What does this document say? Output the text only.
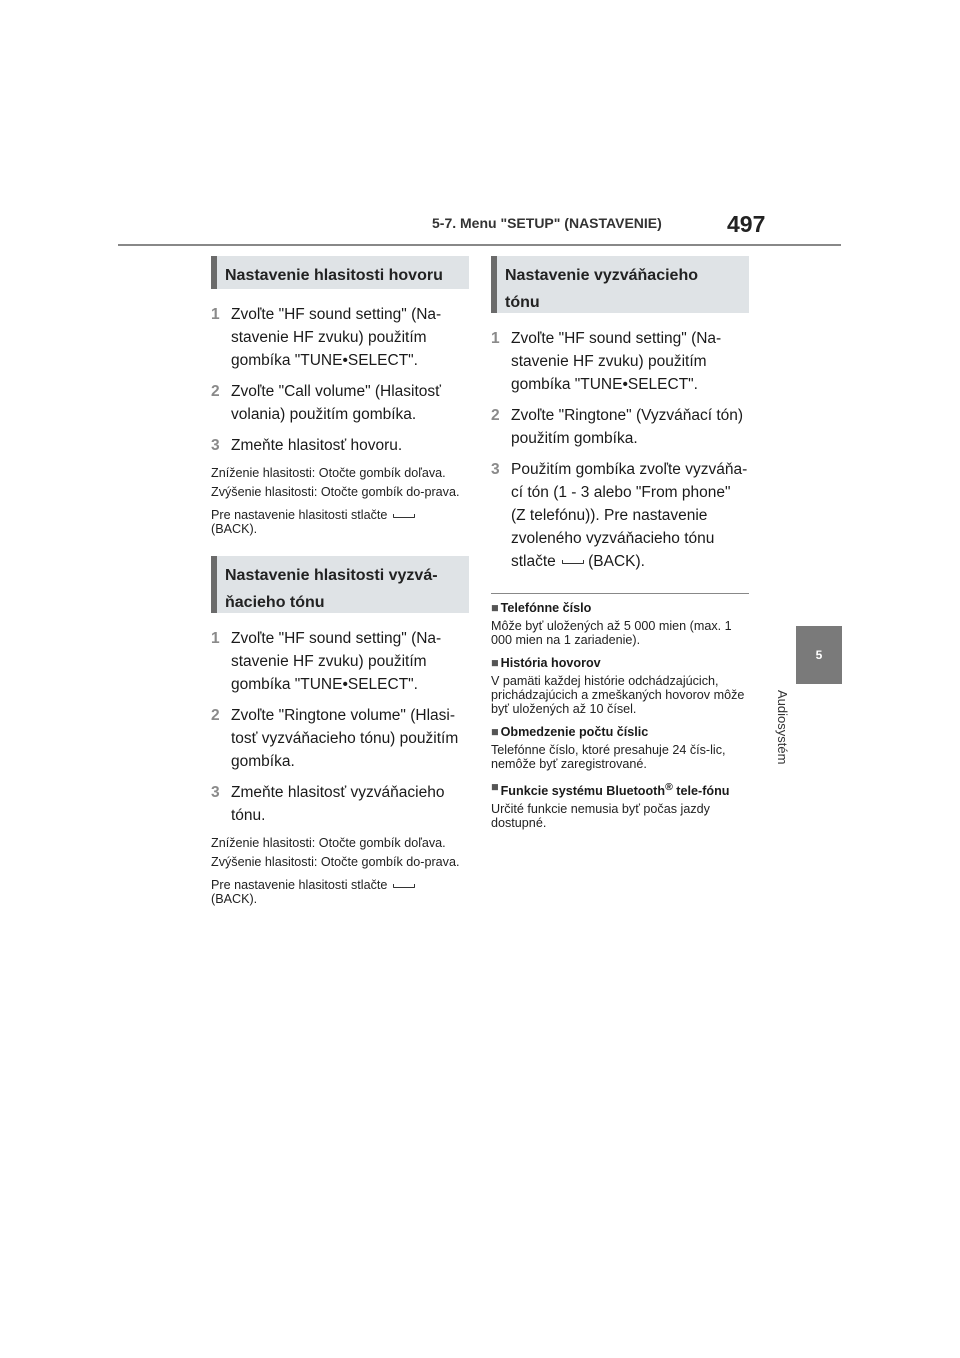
5-7. Menu "SETUP" (NASTAVENIE)	497
5
Audiosystém
Nastavenie hlasitosti hovoru
1 Zvoľte "HF sound setting" (Na-stavenie HF zvuku) použitím gombíka "TUNE•SELECT".
2 Zvoľte "Call volume" (Hlasitosť volania) použitím gombíka.
3 Zmeňte hlasitosť hovoru.
Zníženie hlasitosti: Otočte gombík doľava.
Zvýšenie hlasitosti: Otočte gombík do-prava.
Pre nastavenie hlasitosti stlačte
(BACK).
Nastavenie hlasitosti vyzvá-
ňacieho tónu
1 Zvoľte "HF sound setting" (Na-stavenie HF zvuku) použitím gombíka "TUNE•SELECT".
2 Zvoľte "Ringtone volume" (Hlasi-tosť vyzváňacieho tónu) použitím gombíka.
3 Zmeňte hlasitosť vyzváňacieho tónu.
Zníženie hlasitosti: Otočte gombík doľava.
Zvýšenie hlasitosti: Otočte gombík do-prava.
Pre nastavenie hlasitosti stlačte
(BACK).
Nastavenie vyzváňacieho
tónu
1 Zvoľte "HF sound setting" (Na-stavenie HF zvuku) použitím gombíka "TUNE•SELECT".
2 Zvoľte "Ringtone" (Vyzváňací tón) použitím gombíka.
3 Použitím gombíka zvoľte vyzváňa-cí tón (1 - 3 alebo "From phone" (Z telefónu)). Pre nastavenie zvoleného vyzváňacieho tónu stlačte (BACK).
■ Telefónne číslo
Môže byť uložených až 5 000 mien (max. 1 000 mien na 1 zariadenie).
■ História hovorov
V pamäti každej histórie odchádzajúcich, prichádzajúcich a zmeškaných hovorov môže byť uložených až 10 čísel.
■ Obmedzenie počtu číslic
Telefónne číslo, ktoré presahuje 24 čís-lic, nemôže byť zaregistrované.
■ Funkcie systému Bluetooth® tele-fónu
Určité funkcie nemusia byť počas jazdy dostupné.
